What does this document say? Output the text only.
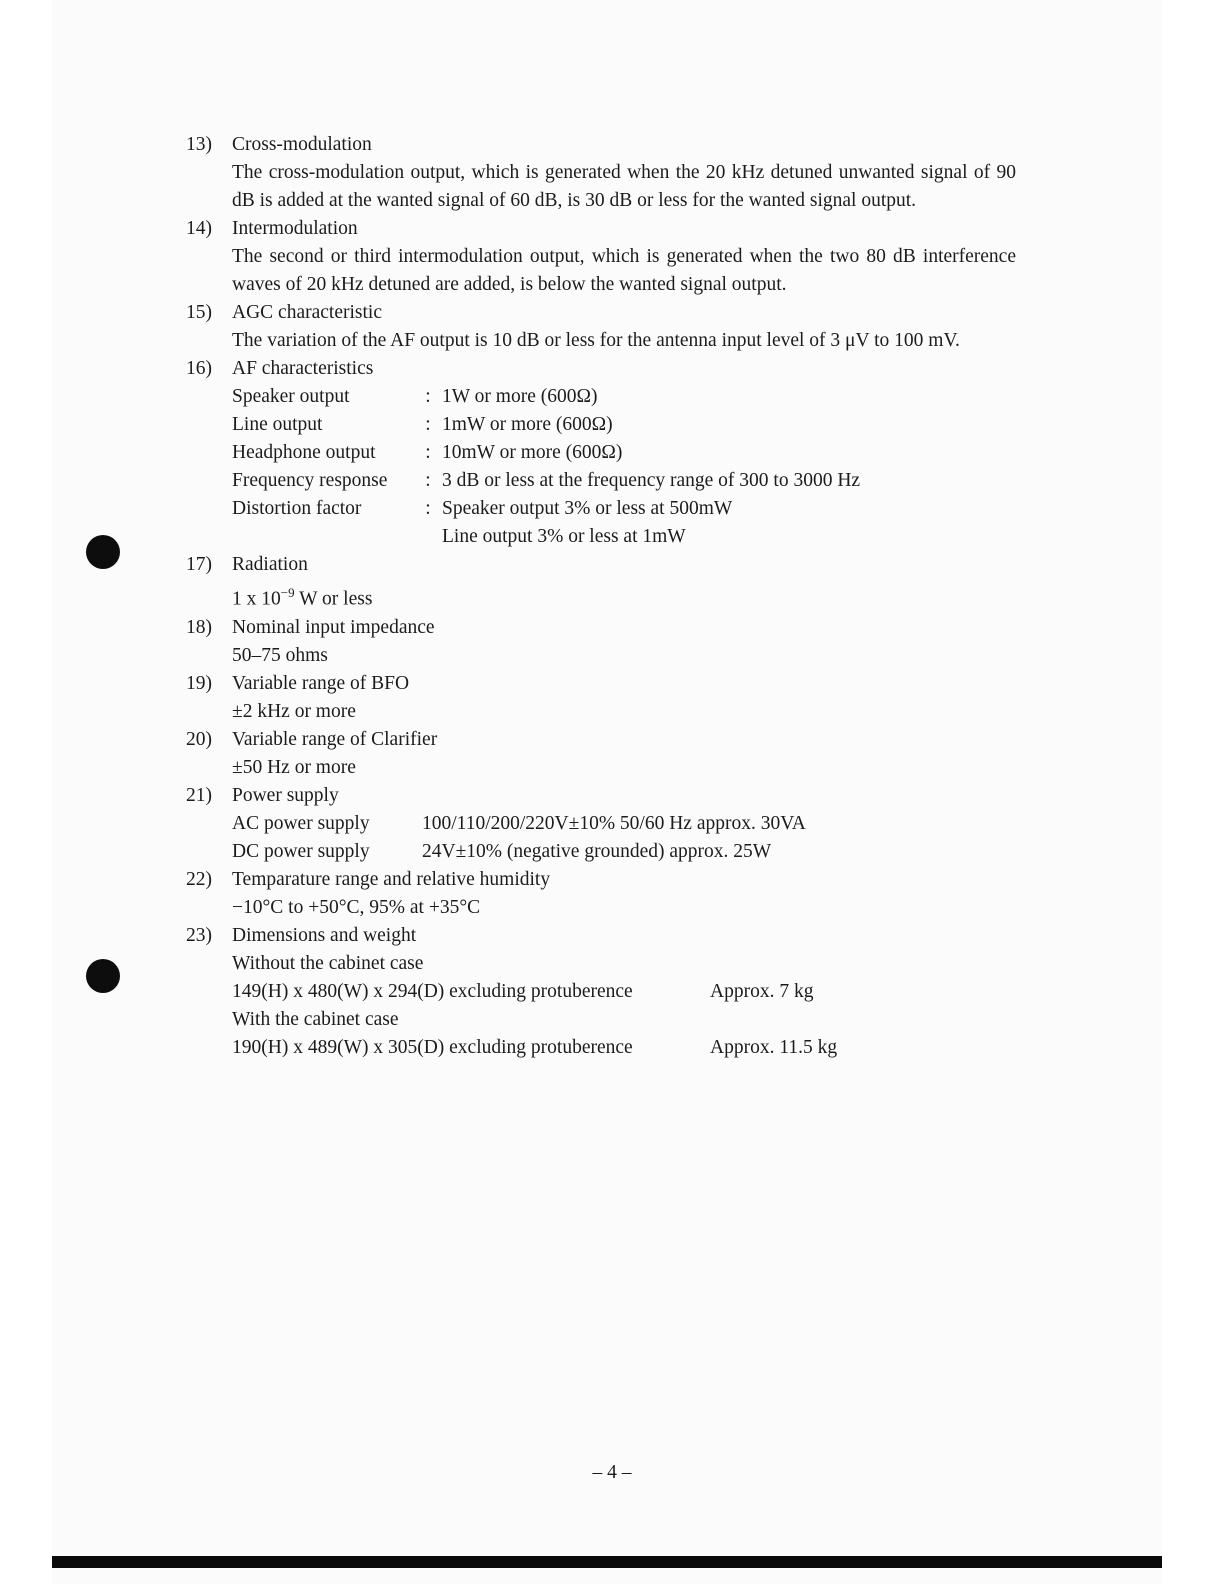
13) Cross-modulation
The cross-modulation output, which is generated when the 20 kHz detuned unwanted signal of 90 dB is added at the wanted signal of 60 dB, is 30 dB or less for the wanted signal output.
14) Intermodulation
The second or third intermodulation output, which is generated when the two 80 dB interference waves of 20 kHz detuned are added, is below the wanted signal output.
15) AGC characteristic
The variation of the AF output is 10 dB or less for the antenna input level of 3 μV to 100 mV.
16) AF characteristics
Speaker output	: 1W or more (600Ω)
Line output	: 1mW or more (600Ω)
Headphone output	: 10mW or more (600Ω)
Frequency response	: 3 dB or less at the frequency range of 300 to 3000 Hz
Distortion factor	: Speaker output 3% or less at 500mW
Line output 3% or less at 1mW
17) Radiation
1 x $10^{-9}$ W or less
18) Nominal input impedance
50–75 ohms
19) Variable range of BFO
±2 kHz or more
20) Variable range of Clarifier
±50 Hz or more
21) Power supply
AC power supply	100/110/200/220V±10% 50/60 Hz approx. 30VA
DC power supply	24V±10% (negative grounded) approx. 25W
22) Temparature range and relative humidity
−10°C to +50°C, 95% at +35°C
23) Dimensions and weight
Without the cabinet case
149(H) x 480(W) x 294(D) excluding protuberence	Approx. 7 kg
With the cabinet case
190(H) x 489(W) x 305(D) excluding protuberence	Approx. 11.5 kg
– 4 –
